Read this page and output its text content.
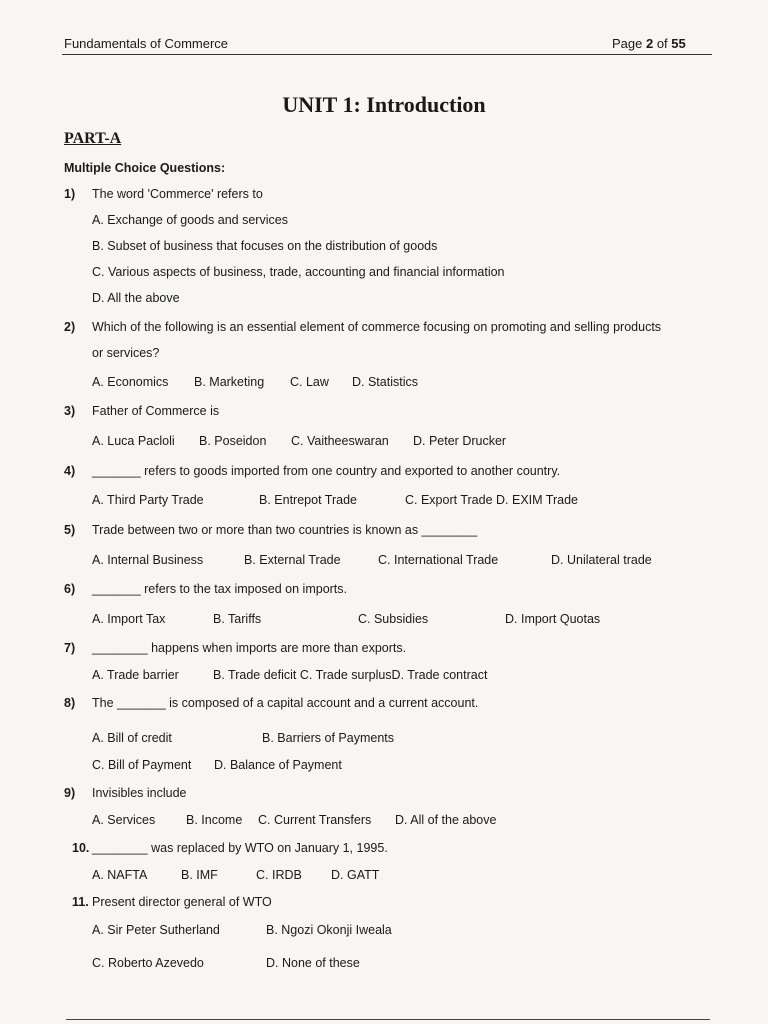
Fundamentals of Commerce	Page 2 of 55
UNIT 1: Introduction
PART-A
Multiple Choice Questions:
1) The word 'Commerce' refers to
A. Exchange of goods and services
B. Subset of business that focuses on the distribution of goods
C. Various aspects of business, trade, accounting and financial information
D. All the above
2) Which of the following is an essential element of commerce focusing on promoting and selling products
or services?
A. Economics B. Marketing C. Law D. Statistics
3) Father of Commerce is
A. Luca Pacloli B. Poseidon C. Vaitheeswaran D. Peter Drucker
4) _______ refers to goods imported from one country and exported to another country.
A. Third Party Trade	B. Entrepot Trade	C. Export Trade D. EXIM Trade
5) Trade between two or more than two countries is known as ________
A. Internal Business	B. External Trade	C. International Trade	D. Unilateral trade
6) _______ refers to the tax imposed on imports.
A. Import Tax	B. Tariffs	C. Subsidies	D. Import Quotas
7) ________ happens when imports are more than exports.
A. Trade barrier	B. Trade deficit C. Trade surplusD. Trade contract
8) The _______ is composed of a capital account and a current account.
A. Bill of credit	B. Barriers of Payments
C. Bill of Payment D. Balance of Payment
9) Invisibles include
A. Services B. Income C. Current Transfers D. All of the above
10. ________ was replaced by WTO on January 1, 1995.
A. NAFTA	B. IMF	C. IRDB D. GATT
11. Present director general of WTO
A. Sir Peter Sutherland	B. Ngozi Okonji Iweala
C. Roberto Azevedo	D. None of these
